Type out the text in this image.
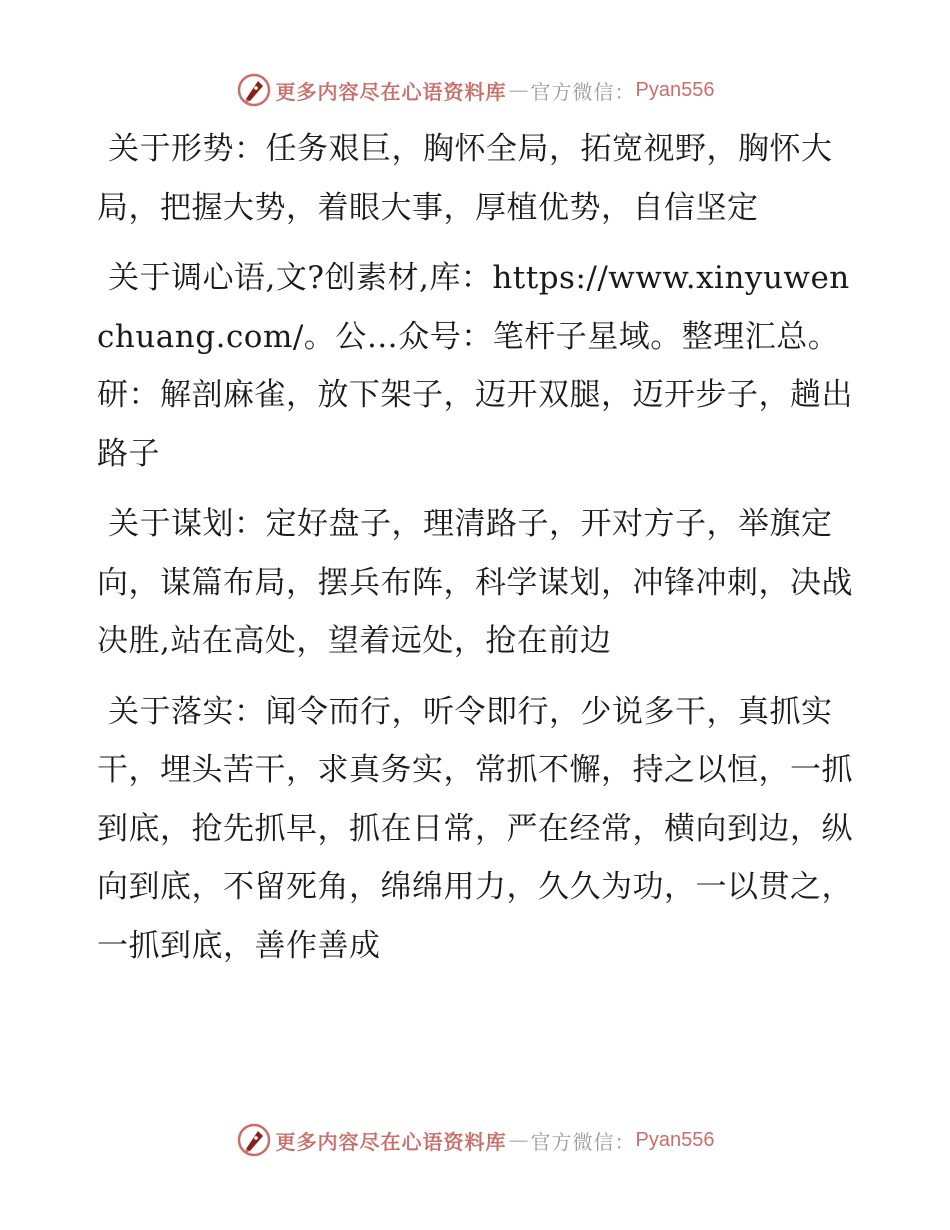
更多内容尽在心语资料库 — 官方微信： Pyan556

关于形势：任务艰巨，胸怀全局，拓宽视野，胸怀大局，把握大势，着眼大事，厚植优势，自信坚定

关于调心语,文?创素材,库：https://www.xinyuwenchuang.com/。公…众号：笔杆子星域。整理汇总。研：解剖麻雀，放下架子，迈开双腿，迈开步子，趟出路子

关于谋划：定好盘子，理清路子，开对方子，举旗定向，谋篇布局，摆兵布阵，科学谋划，冲锋冲刺，决战决胜,站在高处，望着远处，抢在前边

关于落实：闻令而行，听令即行，少说多干，真抓实干，埋头苦干，求真务实，常抓不懈，持之以恒，一抓到底，抢先抓早，抓在日常，严在经常，横向到边，纵向到底，不留死角，绵绵用力，久久为功，一以贯之，一抓到底，善作善成

更多内容尽在心语资料库 — 官方微信： Pyan556
